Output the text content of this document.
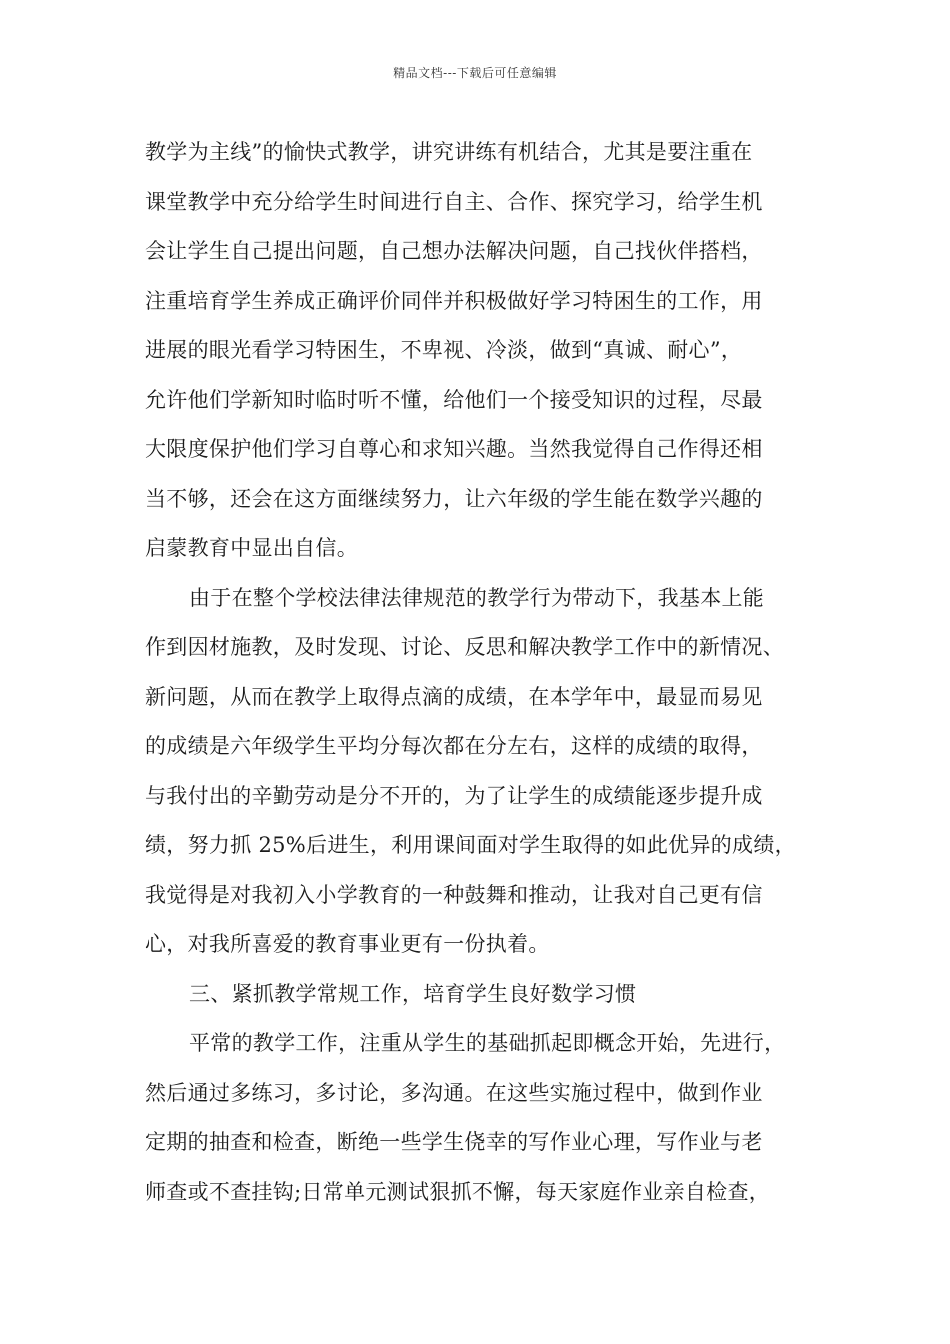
精品文档---下载后可任意编辑
教学为主线”的愉快式教学，讲究讲练有机结合，尤其是要注重在
课堂教学中充分给学生时间进行自主、合作、探究学习，给学生机
会让学生自己提出问题，自己想办法解决问题，自己找伙伴搭档，
注重培育学生养成正确评价同伴并积极做好学习特困生的工作，用
进展的眼光看学习特困生，不卑视、冷淡，做到“真诚、耐心”，
允许他们学新知时临时听不懂，给他们一个接受知识的过程，尽最
大限度保护他们学习自尊心和求知兴趣。当然我觉得自己作得还相
当不够，还会在这方面继续努力，让六年级的学生能在数学兴趣的
启蒙教育中显出自信。
由于在整个学校法律法律规范的教学行为带动下，我基本上能
作到因材施教，及时发现、讨论、反思和解决教学工作中的新情况、
新问题，从而在教学上取得点滴的成绩，在本学年中，最显而易见
的成绩是六年级学生平均分每次都在分左右，这样的成绩的取得，
与我付出的辛勤劳动是分不开的，为了让学生的成绩能逐步提升成
绩，努力抓 25%后进生，利用课间面对学生取得的如此优异的成绩，
我觉得是对我初入小学教育的一种鼓舞和推动，让我对自己更有信
心，对我所喜爱的教育事业更有一份执着。
三、紧抓教学常规工作，培育学生良好数学习惯
平常的教学工作，注重从学生的基础抓起即概念开始，先进行，
然后通过多练习，多讨论，多沟通。在这些实施过程中，做到作业
定期的抽查和检查，断绝一些学生侥幸的写作业心理，写作业与老
师查或不查挂钩;日常单元测试狠抓不懈，每天家庭作业亲自检查，
